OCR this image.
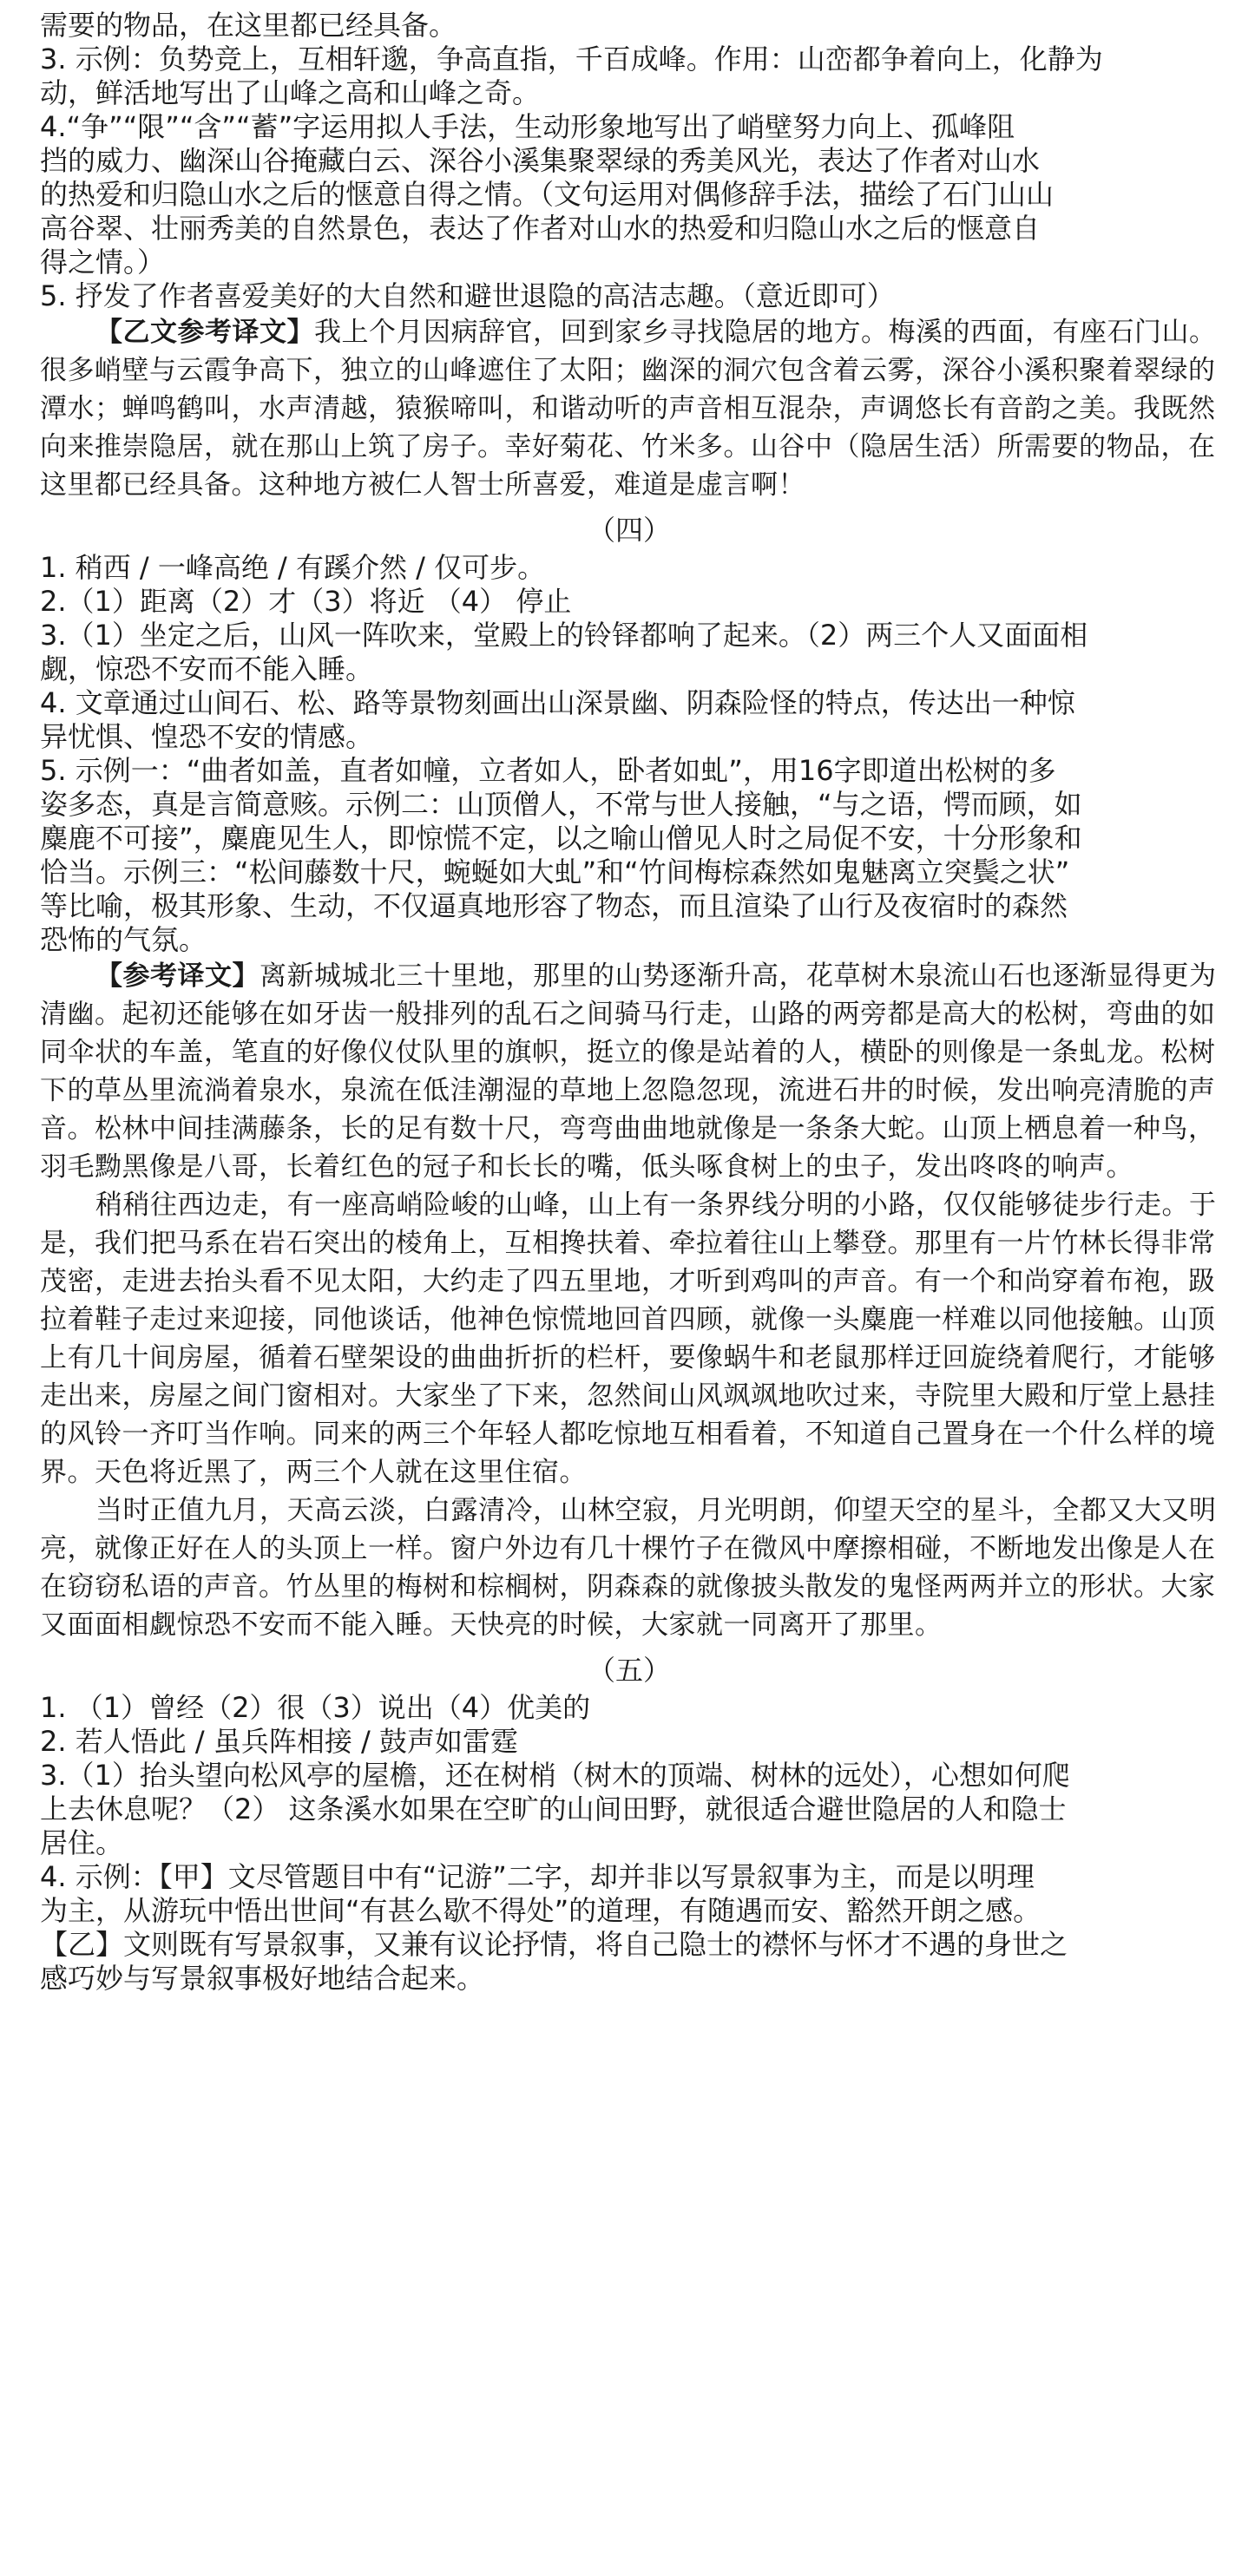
需要的物品，在这里都已经具备。

3. 示例：负势竞上，互相轩邈，争高直指，千百成峰。作用：山峦都争着向上，化静为

动，鲜活地写出了山峰之高和山峰之奇。

4.“争”“限”“含”“蓄”字运用拟人手法，生动形象地写出了峭壁努力向上、孤峰阻

挡的威力、幽深山谷掩藏白云、深谷小溪集聚翠绿的秀美风光，表达了作者对山水

的热爱和归隐山水之后的惬意自得之情。（文句运用对偶修辞手法，描绘了石门山山

高谷翠、壮丽秀美的自然景色，表达了作者对山水的热爱和归隐山水之后的惬意自

得之情。）

5. 抒发了作者喜爱美好的大自然和避世退隐的高洁志趣。（意近即可）

【乙文参考译文】我上个月因病辞官，回到家乡寻找隐居的地方。梅溪的西面，有座石门山。很多峭壁与云霞争高下，独立的山峰遮住了太阳；幽深的洞穴包含着云雾，深谷小溪积聚着翠绿的潭水；蝉鸣鹤叫，水声清越，猿猴啼叫，和谐动听的声音相互混杂，声调悠长有音韵之美。我既然向来推崇隐居，就在那山上筑了房子。幸好菊花、竹米多。山谷中（隐居生活）所需要的物品，在这里都已经具备。这种地方被仁人智士所喜爱，难道是虚言啊！

（四）

1. 稍西 / 一峰高绝 / 有蹊介然 / 仅可步。

2.（1）距离（2）才（3）将近 （4） 停止

3.（1）坐定之后，山风一阵吹来，堂殿上的铃铎都响了起来。（2）两三个人又面面相

觑，惊恐不安而不能入睡。

4. 文章通过山间石、松、路等景物刻画出山深景幽、阴森险怪的特点，传达出一种惊

异忧惧、惶恐不安的情感。

5. 示例一：“曲者如盖，直者如幢，立者如人，卧者如虬”，用16字即道出松树的多

姿多态，真是言简意赅。示例二：山顶僧人，不常与世人接触，“与之语，愕而顾，如

麋鹿不可接”，麋鹿见生人，即惊慌不定，以之喻山僧见人时之局促不安，十分形象和

恰当。示例三：“松间藤数十尺，蜿蜒如大虬”和“竹间梅棕森然如鬼魅离立突鬓之状”

等比喻，极其形象、生动，不仅逼真地形容了物态，而且渲染了山行及夜宿时的森然

恐怖的气氛。

【参考译文】离新城城北三十里地，那里的山势逐渐升高，花草树木泉流山石也逐渐显得更为清幽。起初还能够在如牙齿一般排列的乱石之间骑马行走，山路的两旁都是高大的松树，弯曲的如同伞状的车盖，笔直的好像仪仗队里的旗帜，挺立的像是站着的人，横卧的则像是一条虬龙。松树下的草丛里流淌着泉水，泉流在低洼潮湿的草地上忽隐忽现，流进石井的时候，发出响亮清脆的声音。松林中间挂满藤条，长的足有数十尺，弯弯曲曲地就像是一条条大蛇。山顶上栖息着一种鸟，羽毛黝黑像是八哥，长着红色的冠子和长长的嘴，低头啄食树上的虫子，发出咚咚的响声。

稍稍往西边走，有一座高峭险峻的山峰，山上有一条界线分明的小路，仅仅能够徒步行走。于是，我们把马系在岩石突出的棱角上，互相搀扶着、牵拉着往山上攀登。那里有一片竹林长得非常茂密，走进去抬头看不见太阳，大约走了四五里地，才听到鸡叫的声音。有一个和尚穿着布袍，趿拉着鞋子走过来迎接，同他谈话，他神色惊慌地回首四顾，就像一头麋鹿一样难以同他接触。山顶上有几十间房屋，循着石壁架设的曲曲折折的栏杆，要像蜗牛和老鼠那样迂回旋绕着爬行，才能够走出来，房屋之间门窗相对。大家坐了下来，忽然间山风飒飒地吹过来，寺院里大殿和厅堂上悬挂的风铃一齐叮当作响。同来的两三个年轻人都吃惊地互相看着，不知道自己置身在一个什么样的境界。天色将近黑了，两三个人就在这里住宿。

当时正值九月，天高云淡，白露清冷，山林空寂，月光明朗，仰望天空的星斗，全都又大又明亮，就像正好在人的头顶上一样。窗户外边有几十棵竹子在微风中摩擦相碰，不断地发出像是人在在窃窃私语的声音。竹丛里的梅树和棕榈树，阴森森的就像披头散发的鬼怪两两并立的形状。大家又面面相觑惊恐不安而不能入睡。天快亮的时候，大家就一同离开了那里。

（五）

1. （1）曾经（2）很（3）说出（4）优美的

2. 若人悟此 / 虽兵阵相接 / 鼓声如雷霆

3.（1）抬头望向松风亭的屋檐，还在树梢（树木的顶端、树林的远处），心想如何爬

上去休息呢？（2） 这条溪水如果在空旷的山间田野，就很适合避世隐居的人和隐士

居住。

4. 示例：【甲】文尽管题目中有“记游”二字，却并非以写景叙事为主，而是以明理

为主，从游玩中悟出世间“有甚么歇不得处”的道理，有随遇而安、豁然开朗之感。

【乙】文则既有写景叙事，又兼有议论抒情，将自己隐士的襟怀与怀才不遇的身世之

感巧妙与写景叙事极好地结合起来。
